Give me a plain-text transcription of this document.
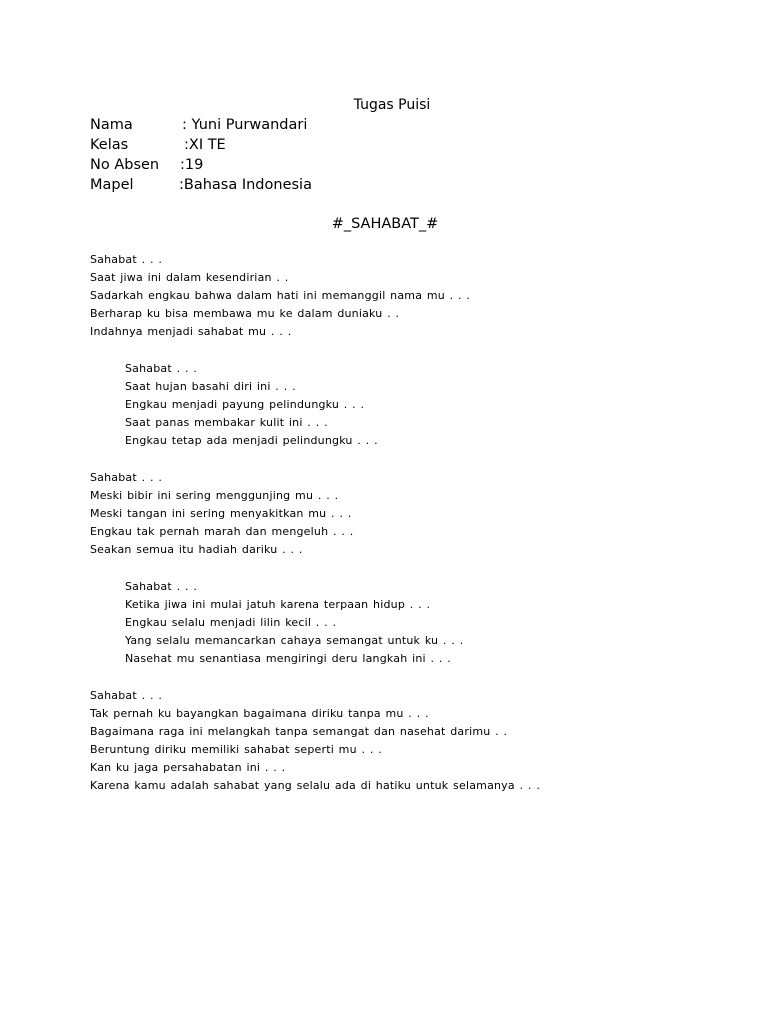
Tugas Puisi
Nama	: Yuni Purwandari
Kelas	:XI TE
No Absen :19
Mapel	:Bahasa Indonesia
#_SAHABAT_#
Sahabat . . .
Saat jiwa ini dalam kesendirian . .
Sadarkah engkau bahwa dalam hati ini memanggil nama mu . . .
Berharap ku bisa membawa mu ke dalam duniaku . .
Indahnya menjadi sahabat mu . . .
Sahabat . . .
Saat hujan basahi diri ini . . .
Engkau menjadi payung pelindungku . . .
Saat panas membakar kulit ini . . .
Engkau tetap ada menjadi pelindungku . . .
Sahabat . . .
Meski bibir ini sering menggunjing mu . . .
Meski tangan ini sering menyakitkan mu . . .
Engkau tak pernah marah dan mengeluh . . .
Seakan semua itu hadiah dariku . . .
Sahabat . . .
Ketika jiwa ini mulai jatuh karena terpaan hidup . . .
Engkau selalu menjadi lilin kecil . . .
Yang selalu memancarkan cahaya semangat untuk ku . . .
Nasehat mu senantiasa mengiringi deru langkah ini . . .
Sahabat . . .
Tak pernah ku bayangkan bagaimana diriku tanpa mu . . .
Bagaimana raga ini melangkah tanpa semangat dan nasehat darimu . .
Beruntung diriku memiliki sahabat seperti mu . . .
Kan ku jaga persahabatan ini . . .
Karena kamu adalah sahabat yang selalu ada di hatiku untuk selamanya . . .
